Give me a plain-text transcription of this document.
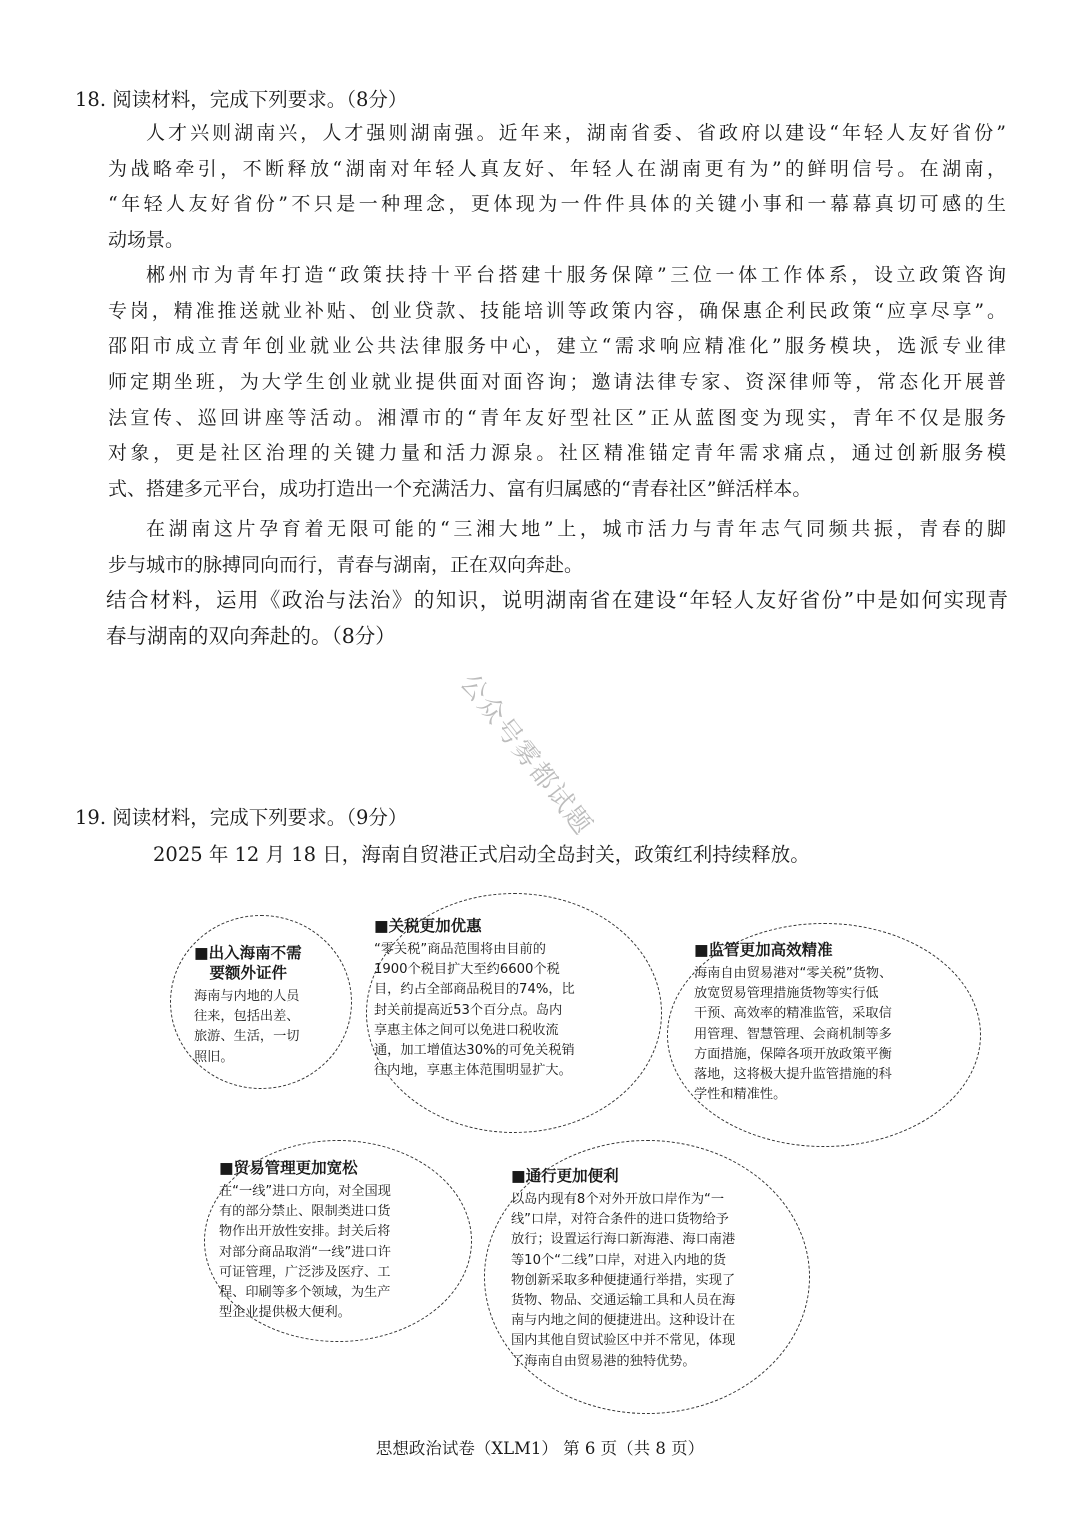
18. 阅读材料，完成下列要求。（8分）
人才兴则湖南兴，人才强则湖南强。近年来，湖南省委、省政府以建设“年轻人友好省份”
为战略牵引，不断释放“湖南对年轻人真友好、年轻人在湖南更有为”的鲜明信号。在湖南，
“年轻人友好省份”不只是一种理念，更体现为一件件具体的关键小事和一幕幕真切可感的生
动场景。
郴州市为青年打造“政策扶持十平台搭建十服务保障”三位一体工作体系，设立政策咨询
专岗，精准推送就业补贴、创业贷款、技能培训等政策内容，确保惠企利民政策“应享尽享”。
邵阳市成立青年创业就业公共法律服务中心，建立“需求响应精准化”服务模块，选派专业律
师定期坐班，为大学生创业就业提供面对面咨询；邀请法律专家、资深律师等，常态化开展普
法宣传、巡回讲座等活动。湘潭市的“青年友好型社区”正从蓝图变为现实，青年不仅是服务
对象，更是社区治理的关键力量和活力源泉。社区精准锚定青年需求痛点，通过创新服务模
式、搭建多元平台，成功打造出一个充满活力、富有归属感的“青春社区”鲜活样本。
在湖南这片孕育着无限可能的“三湘大地”上，城市活力与青年志气同频共振，青春的脚
步与城市的脉搏同向而行，青春与湖南，正在双向奔赴。
结合材料，运用《政治与法治》的知识，说明湖南省在建设“年轻人友好省份”中是如何实现青
春与湖南的双向奔赴的。（8分）
公众号雾都试题
19. 阅读材料，完成下列要求。（9分）
2025 年 12 月 18 日，海南自贸港正式启动全岛封关，政策红利持续释放。
■出入海南不需
　要额外证件
海南与内地的人员
往来，包括出差、
旅游、生活，一切
照旧。
■关税更加优惠
“零关税”商品范围将由目前的
1900个税目扩大至约6600个税
目，约占全部商品税目的74%，比
封关前提高近53个百分点。岛内
享惠主体之间可以免进口税收流
通，加工增值达30%的可免关税销
往内地，享惠主体范围明显扩大。
■监管更加高效精准
海南自由贸易港对“零关税”货物、
放宽贸易管理措施货物等实行低
干预、高效率的精准监管，采取信
用管理、智慧管理、会商机制等多
方面措施，保障各项开放政策平衡
落地，这将极大提升监管措施的科
学性和精准性。
■贸易管理更加宽松
在“一线”进口方向，对全国现
有的部分禁止、限制类进口货
物作出开放性安排。封关后将
对部分商品取消“一线”进口许
可证管理，广泛涉及医疗、工
程、印刷等多个领域，为生产
型企业提供极大便利。
■通行更加便利
以岛内现有8个对外开放口岸作为“一
线”口岸，对符合条件的进口货物给予
放行；设置运行海口新海港、海口南港
等10个“二线”口岸，对进入内地的货
物创新采取多种便捷通行举措，实现了
货物、物品、交通运输工具和人员在海
南与内地之间的便捷进出。这种设计在
国内其他自贸试验区中并不常见，体现
了海南自由贸易港的独特优势。
思想政治试卷（XLM1） 第 6 页（共 8 页）
